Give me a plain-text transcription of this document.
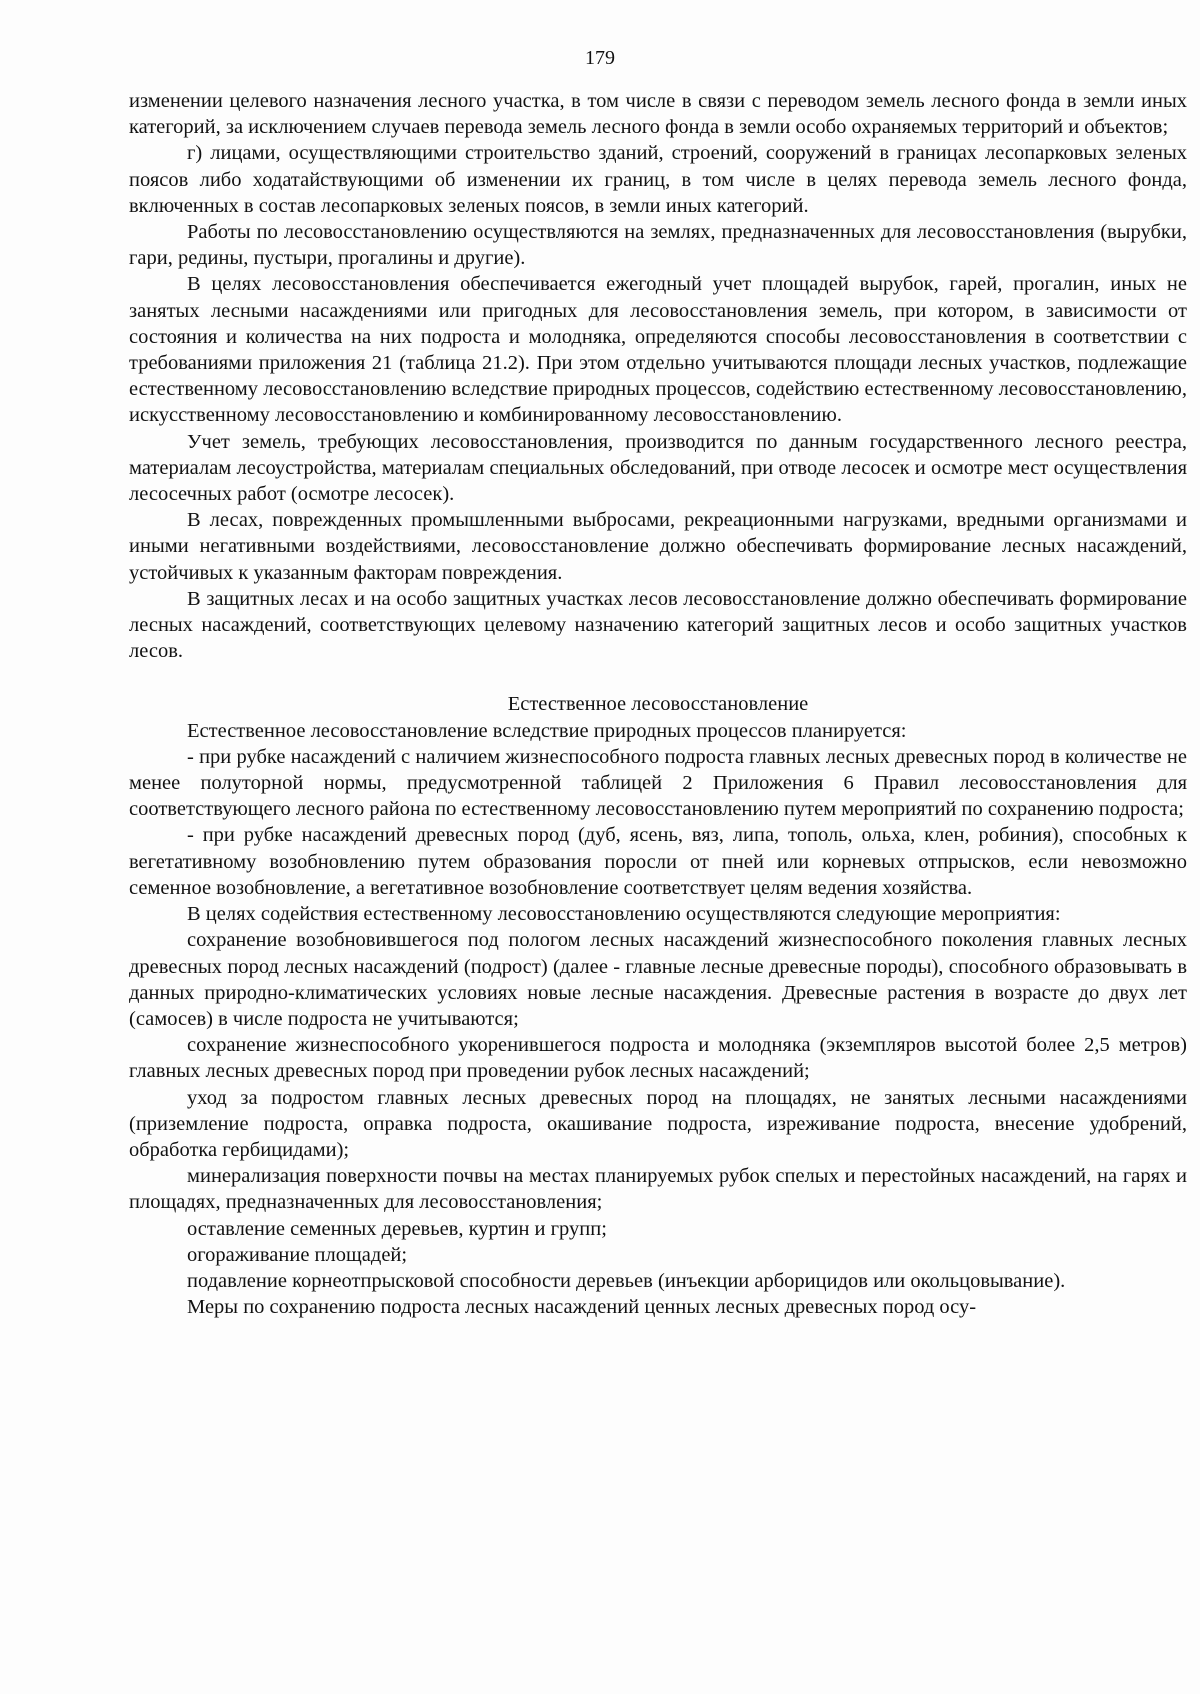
179

изменении целевого назначения лесного участка, в том числе в связи с переводом земель лесного фонда в земли иных категорий, за исключением случаев перевода земель лесного фонда в земли особо охраняемых территорий и объектов;

г) лицами, осуществляющими строительство зданий, строений, сооружений в границах лесопарковых зеленых поясов либо ходатайствующими об изменении их границ, в том числе в целях перевода земель лесного фонда, включенных в состав лесопарковых зеленых поясов, в земли иных категорий.

Работы по лесовосстановлению осуществляются на землях, предназначенных для лесовосстановления (вырубки, гари, редины, пустыри, прогалины и другие).

В целях лесовосстановления обеспечивается ежегодный учет площадей вырубок, гарей, прогалин, иных не занятых лесными насаждениями или пригодных для лесовосстановления земель, при котором, в зависимости от состояния и количества на них подроста и молодняка, определяются способы лесовосстановления в соответствии с требованиями приложения 21 (таблица 21.2). При этом отдельно учитываются площади лесных участков, подлежащие естественному лесовосстановлению вследствие природных процессов, содействию естественному лесовосстановлению, искусственному лесовосстановлению и комбинированному лесовосстановлению.

Учет земель, требующих лесовосстановления, производится по данным государственного лесного реестра, материалам лесоустройства, материалам специальных обследований, при отводе лесосек и осмотре мест осуществления лесосечных работ (осмотре лесосек).

В лесах, поврежденных промышленными выбросами, рекреационными нагрузками, вредными организмами и иными негативными воздействиями, лесовосстановление должно обеспечивать формирование лесных насаждений, устойчивых к указанным факторам повреждения.

В защитных лесах и на особо защитных участках лесов лесовосстановление должно обеспечивать формирование лесных насаждений, соответствующих целевому назначению категорий защитных лесов и особо защитных участков лесов.

Естественное лесовосстановление

Естественное лесовосстановление вследствие природных процессов планируется:

- при рубке насаждений с наличием жизнеспособного подроста главных лесных древесных пород в количестве не менее полуторной нормы, предусмотренной таблицей 2 Приложения 6 Правил лесовосстановления для соответствующего лесного района по естественному лесовосстановлению путем мероприятий по сохранению подроста;

- при рубке насаждений древесных пород (дуб, ясень, вяз, липа, тополь, ольха, клен, робиния), способных к вегетативному возобновлению путем образования поросли от пней или корневых отпрысков, если невозможно семенное возобновление, а вегетативное возобновление соответствует целям ведения хозяйства.

В целях содействия естественному лесовосстановлению осуществляются следующие мероприятия:

сохранение возобновившегося под пологом лесных насаждений жизнеспособного поколения главных лесных древесных пород лесных насаждений (подрост) (далее - главные лесные древесные породы), способного образовывать в данных природно-климатических условиях новые лесные насаждения. Древесные растения в возрасте до двух лет (самосев) в числе подроста не учитываются;

сохранение жизнеспособного укоренившегося подроста и молодняка (экземпляров высотой более 2,5 метров) главных лесных древесных пород при проведении рубок лесных насаждений;

уход за подростом главных лесных древесных пород на площадях, не занятых лесными насаждениями (приземление подроста, оправка подроста, окашивание подроста, изреживание подроста, внесение удобрений, обработка гербицидами);

минерализация поверхности почвы на местах планируемых рубок спелых и перестойных насаждений, на гарях и площадях, предназначенных для лесовосстановления;

оставление семенных деревьев, куртин и групп;

огораживание площадей;

подавление корнеотпрысковой способности деревьев (инъекции арборицидов или окольцовывание).

Меры по сохранению подроста лесных насаждений ценных лесных древесных пород осу-
